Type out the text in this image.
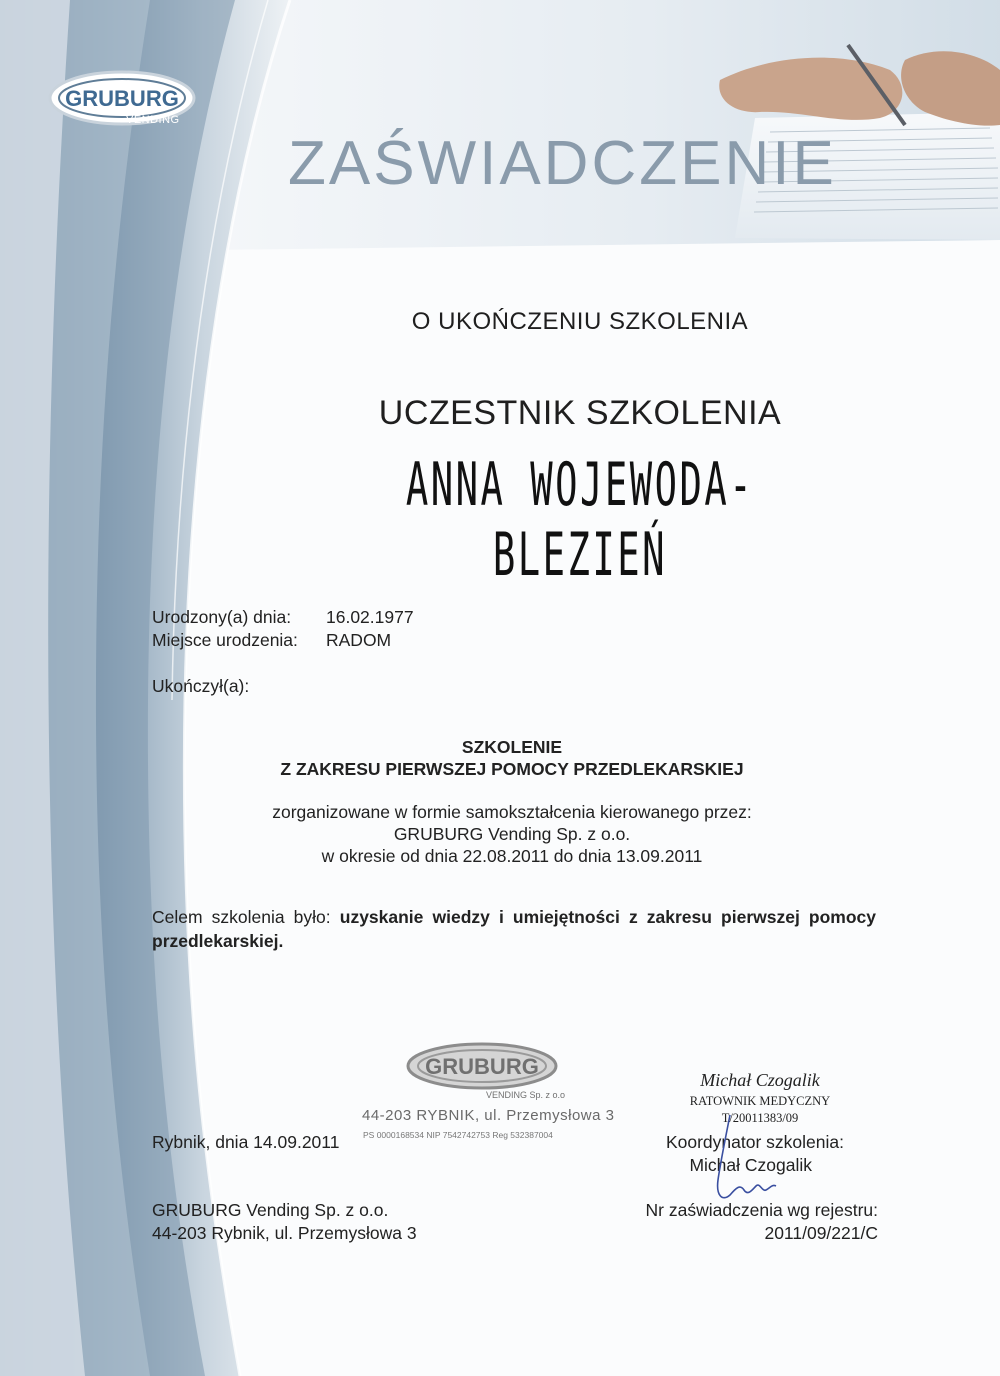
GRUBURG
VENDING
ZAŚWIADCZENIE
O UKOŃCZENIU SZKOLENIA
UCZESTNIK SZKOLENIA
ANNA WOJEWODA-BLEZIEŃ
Urodzony(a) dnia: 16.02.1977
Miejsce urodzenia: RADOM
Ukończył(a):
SZKOLENIE
Z ZAKRESU PIERWSZEJ POMOCY PRZEDLEKARSKIEJ
zorganizowane w formie samokształcenia kierowanego przez:
GRUBURG Vending Sp. z o.o.
w okresie od dnia 22.08.2011 do dnia 13.09.2011
Celem szkolenia było: uzyskanie wiedzy i umiejętności z zakresu pierwszej pomocy przedlekarskiej.
GRUBURG
VENDING Sp. z o.o
44-203 RYBNIK, ul. Przemysłowa 3
PS 0000168534 NIP 7542742753 Reg 532387004
Rybnik, dnia 14.09.2011
GRUBURG Vending Sp. z o.o.
44-203 Rybnik, ul. Przemysłowa 3
Michał Czogalik
RATOWNIK MEDYCZNY
T/20011383/09
Koordynator szkolenia:
Michał Czogalik
Nr zaświadczenia wg rejestru:
2011/09/221/C
